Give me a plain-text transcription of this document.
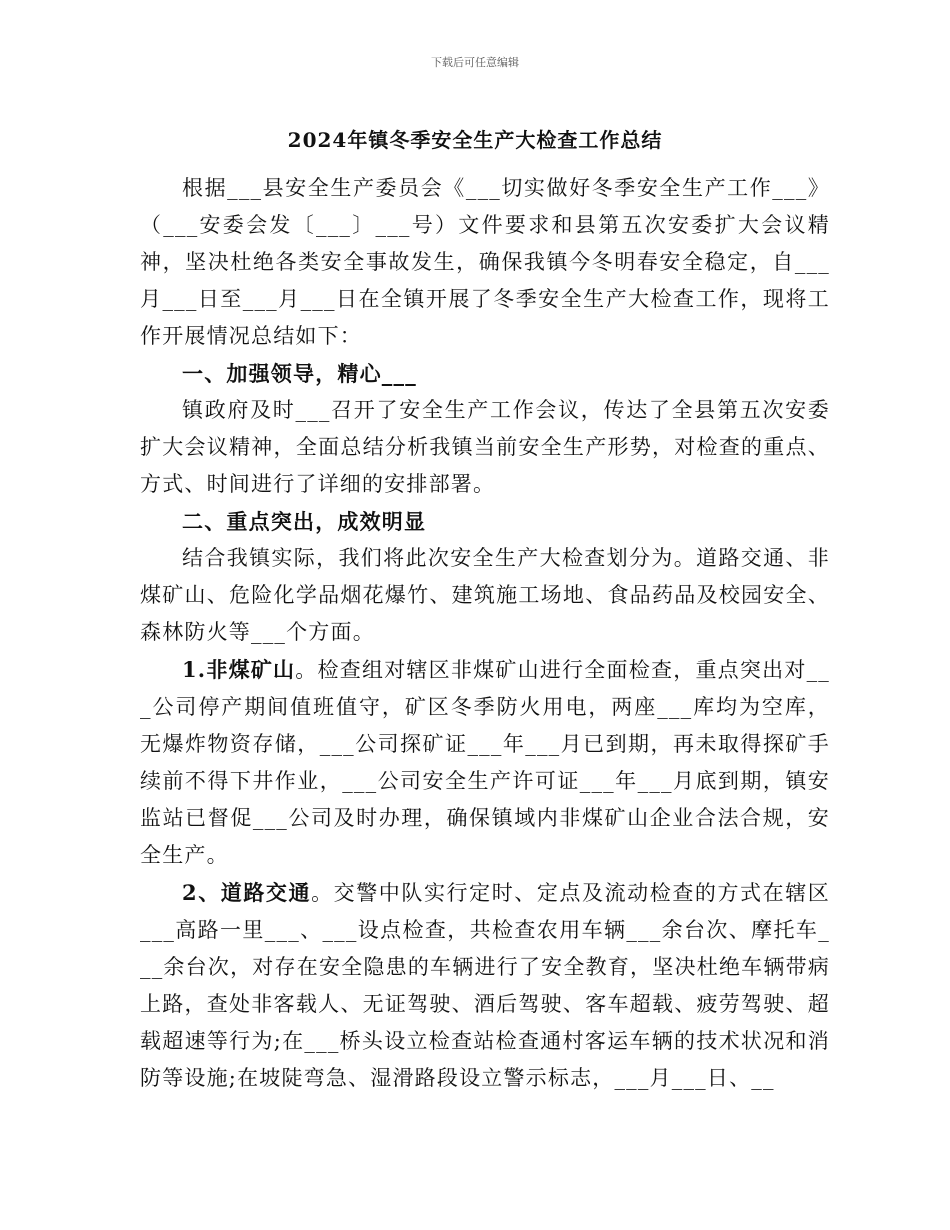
下载后可任意编辑
2024年镇冬季安全生产大检查工作总结

根据___县安全生产委员会《___切实做好冬季安全生产工作___》（___安委会发〔___〕___号）文件要求和县第五次安委扩大会议精神，坚决杜绝各类安全事故发生，确保我镇今冬明春安全稳定，自___月___日至___月___日在全镇开展了冬季安全生产大检查工作，现将工作开展情况总结如下：

一、加强领导，精心___

镇政府及时___召开了安全生产工作会议，传达了全县第五次安委扩大会议精神，全面总结分析我镇当前安全生产形势，对检查的重点、方式、时间进行了详细的安排部署。

二、重点突出，成效明显

结合我镇实际，我们将此次安全生产大检查划分为。道路交通、非煤矿山、危险化学品烟花爆竹、建筑施工场地、食品药品及校园安全、森林防火等___个方面。

1.非煤矿山。检查组对辖区非煤矿山进行全面检查，重点突出对___公司停产期间值班值守，矿区冬季防火用电，两座___库均为空库，无爆炸物资存储，___公司探矿证___年___月已到期，再未取得探矿手续前不得下井作业，___公司安全生产许可证___年___月底到期，镇安监站已督促___公司及时办理，确保镇域内非煤矿山企业合法合规，安全生产。

2、道路交通。交警中队实行定时、定点及流动检查的方式在辖区___高路一里___、___设点检查，共检查农用车辆___余台次、摩托车___余台次，对存在安全隐患的车辆进行了安全教育，坚决杜绝车辆带病上路，查处非客载人、无证驾驶、酒后驾驶、客车超载、疲劳驾驶、超载超速等行为;在___桥头设立检查站检查通村客运车辆的技术状况和消防等设施;在坡陡弯急、湿滑路段设立警示标志，___月___日、__
